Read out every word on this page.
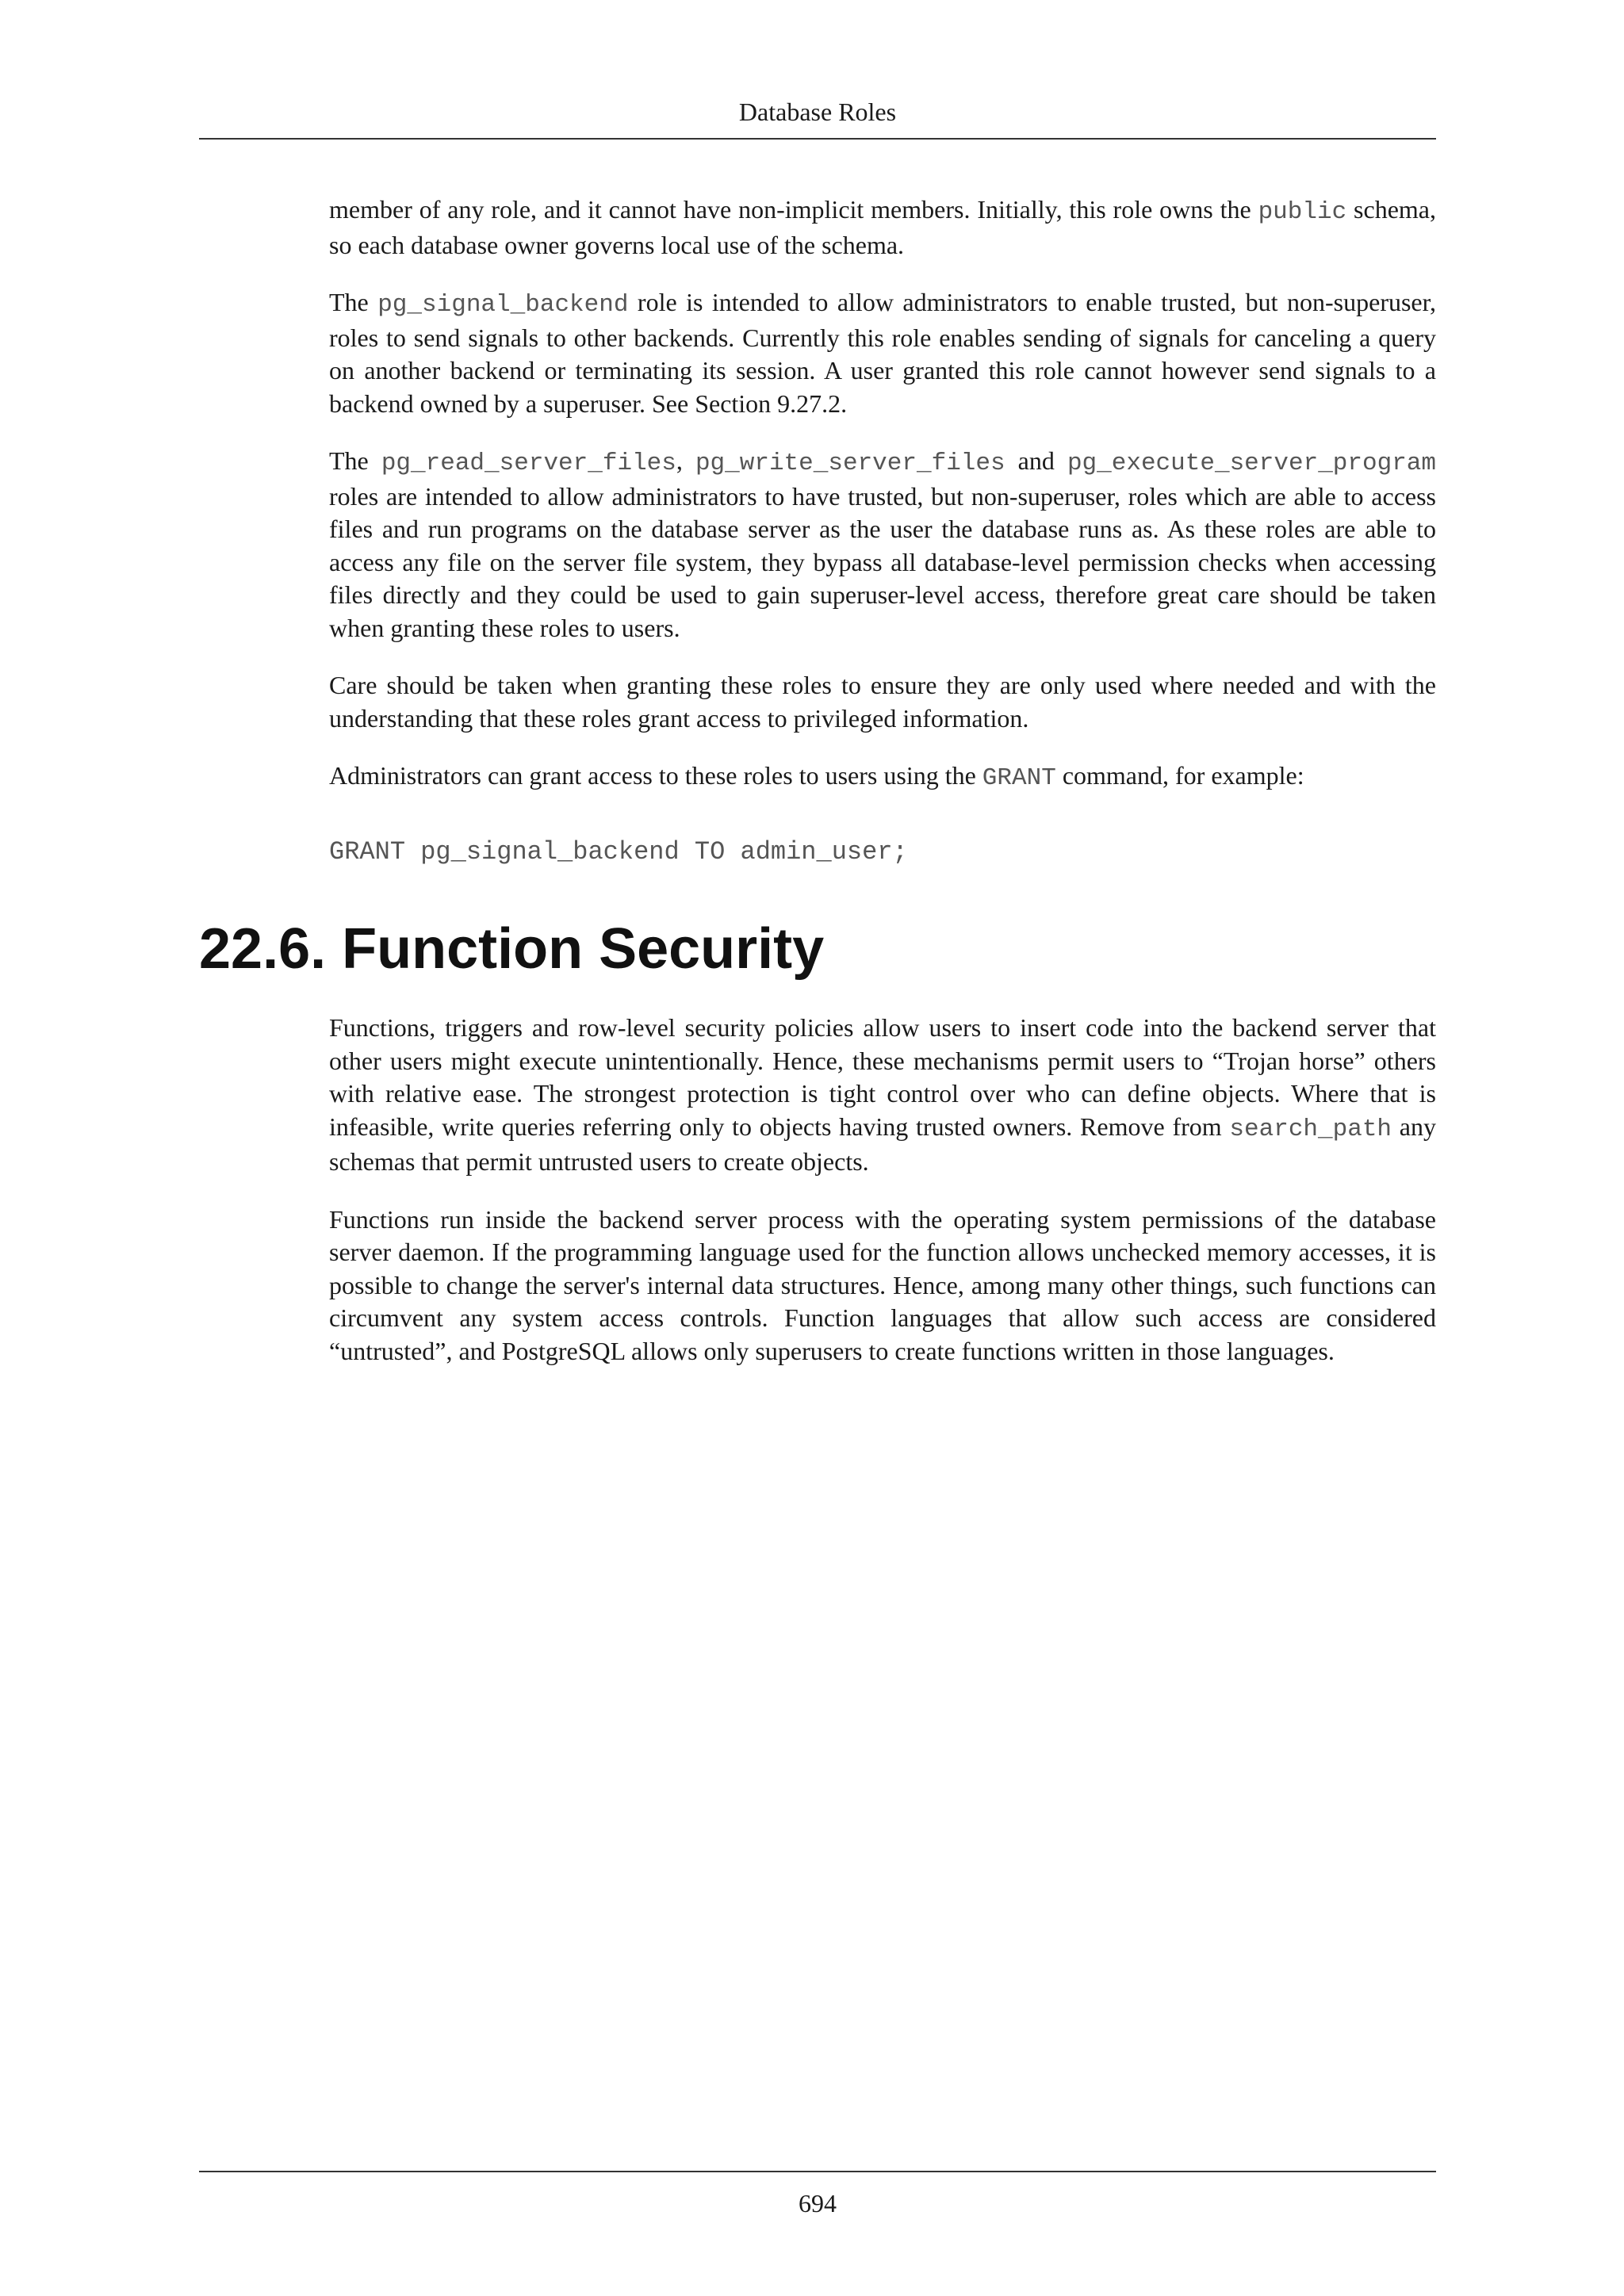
Database Roles

member of any role, and it cannot have non-implicit members. Initially, this role owns the public schema, so each database owner governs local use of the schema.

The pg_signal_backend role is intended to allow administrators to enable trusted, but non-superuser, roles to send signals to other backends. Currently this role enables sending of signals for canceling a query on another backend or terminating its session. A user granted this role cannot however send signals to a backend owned by a superuser. See Section 9.27.2.

The pg_read_server_files, pg_write_server_files and pg_execute_server_program roles are intended to allow administrators to have trusted, but non-superuser, roles which are able to access files and run programs on the database server as the user the database runs as. As these roles are able to access any file on the server file system, they bypass all database-level permission checks when accessing files directly and they could be used to gain superuser-level access, therefore great care should be taken when granting these roles to users.

Care should be taken when granting these roles to ensure they are only used where needed and with the understanding that these roles grant access to privileged information.

Administrators can grant access to these roles to users using the GRANT command, for example:

GRANT pg_signal_backend TO admin_user;
22.6. Function Security

Functions, triggers and row-level security policies allow users to insert code into the backend server that other users might execute unintentionally. Hence, these mechanisms permit users to “Trojan horse” others with relative ease. The strongest protection is tight control over who can define objects. Where that is infeasible, write queries referring only to objects having trusted owners. Remove from search_path any schemas that permit untrusted users to create objects.

Functions run inside the backend server process with the operating system permissions of the database server daemon. If the programming language used for the function allows unchecked memory accesses, it is possible to change the server's internal data structures. Hence, among many other things, such functions can circumvent any system access controls. Function languages that allow such access are considered “untrusted”, and PostgreSQL allows only superusers to create functions written in those languages.

694
